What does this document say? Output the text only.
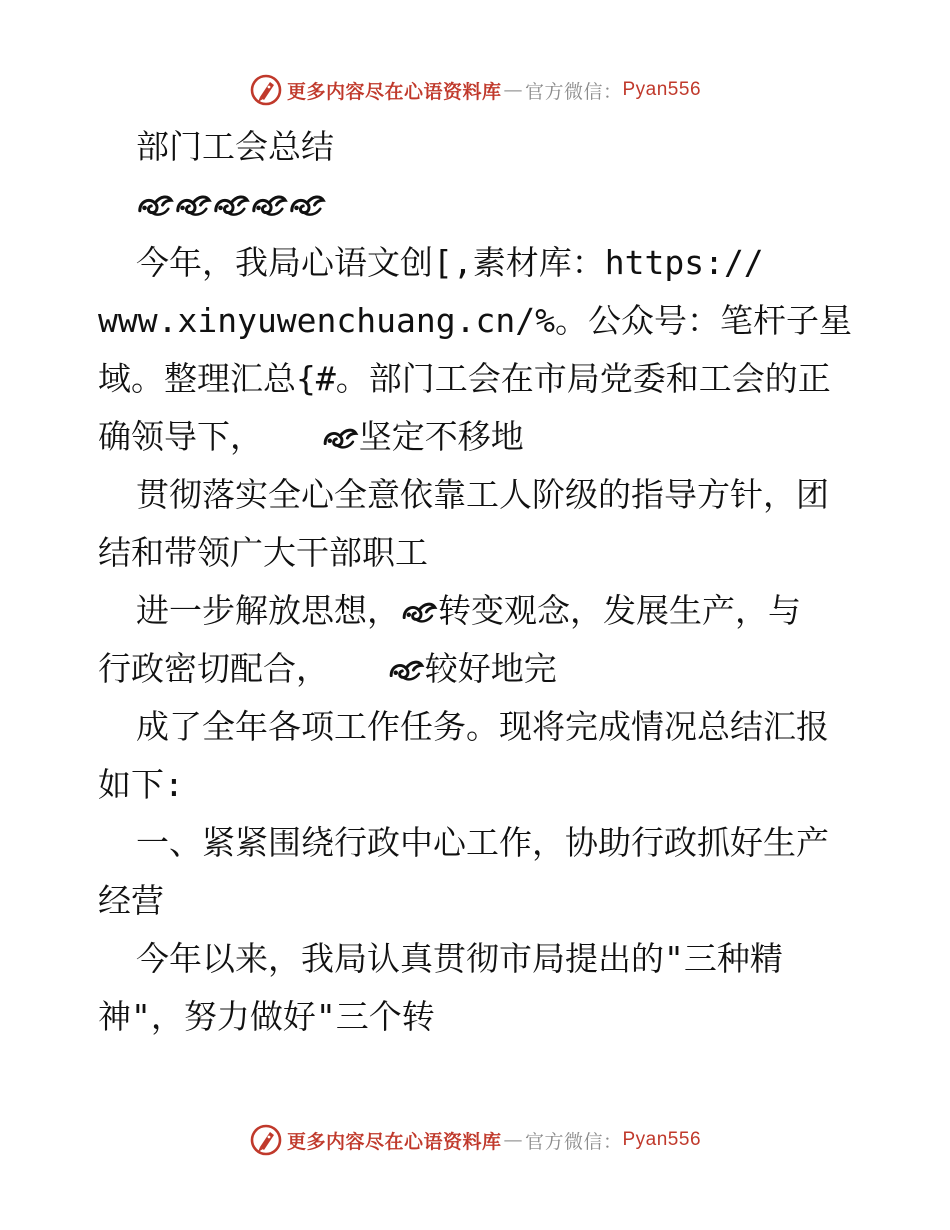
更多内容尽在心语资料库 — 官方微信： Pyan556
部门工会总结
今年，我局心语文创[,素材库：https://
www.xinyuwenchuang.cn/%。公众号：笔杆子星
域。整理汇总{#。部门工会在市局党委和工会的正
确领导下，	坚定不移地
贯彻落实全心全意依靠工人阶级的指导方针，团
结和带领广大干部职工
进一步解放思想， 转变观念，发展生产，与
行政密切配合，	较好地完
成了全年各项工作任务。现将完成情况总结汇报
如下:
一、紧紧围绕行政中心工作，协助行政抓好生产
经营
今年以来，我局认真贯彻市局提出的"三种精
神"，努力做好"三个转
更多内容尽在心语资料库 — 官方微信： Pyan556
